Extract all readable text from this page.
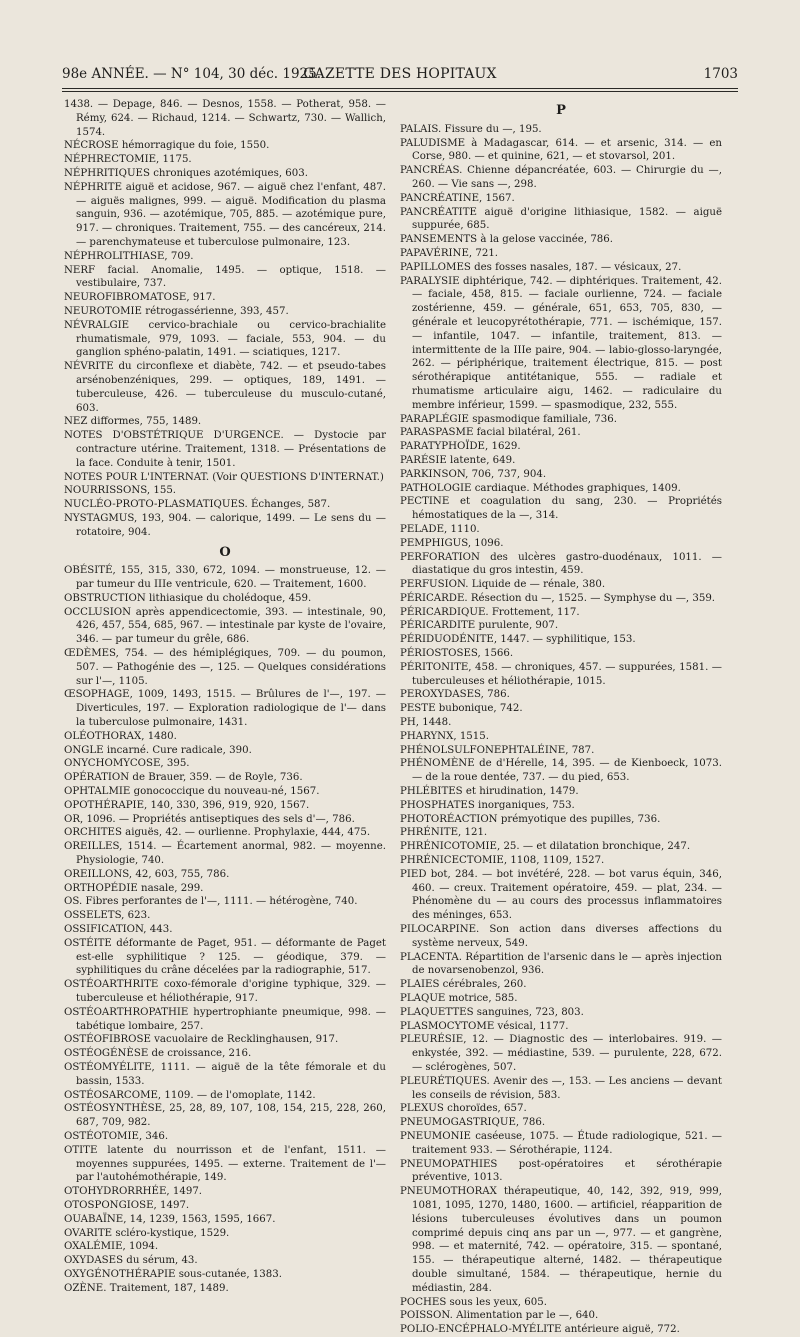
GAZETTE DES HOPITAUX
98e ANNÉE. — N° 104, 30 déc. 1925.	1703

1438. — Depage, 846. — Desnos, 1558. — Potherat, 958. — Rémy, 624. — Richaud, 1214. — Schwartz, 730. — Wallich, 1574.

NÉCROSE hémorragique du foie, 1550.

NÉPHRECTOMIE, 1175.

NÉPHRITIQUES chroniques azotémiques, 603.

NÉPHRITE aiguë et acidose, 967. — aiguë chez l'enfant, 487. — aiguës malignes, 999. — aiguë. Modification du plasma sanguin, 936. — azotémique, 705, 885. — azotémique pure, 917. — chroniques. Traitement, 755. — des cancéreux, 214. — parenchymateuse et tuberculose pulmonaire, 123.

NÉPHROLITHIASE, 709.

NERF facial. Anomalie, 1495. — optique, 1518. — vestibulaire, 737.

NEUROFIBROMATOSE, 917.

NEUROTOMIE rétrogassérienne, 393, 457.

NÉVRALGIE cervico-brachiale ou cervico-brachialite rhumatismale, 979, 1093. — faciale, 553, 904. — du ganglion sphéno-palatin, 1491. — sciatiques, 1217.

NÉVRITE du circonflexe et diabète, 742. — et pseudo-tabes arsénobenzéniques, 299. — optiques, 189, 1491. — tuberculeuse, 426. — tuberculeuse du musculo-cutané, 603.

NEZ difformes, 755, 1489.

NOTES D'OBSTÉTRIQUE D'URGENCE. — Dystocie par contracture utérine. Traitement, 1318. — Présentations de la face. Conduite à tenir, 1501.

NOTES POUR L'INTERNAT. (Voir QUESTIONS D'INTERNAT.)

NOURRISSONS, 155.

NUCLÉO-PROTO-PLASMATIQUES. Échanges, 587.

NYSTAGMUS, 193, 904. — calorique, 1499. — Le sens du — rotatoire, 904.

O

OBÉSITÉ, 155, 315, 330, 672, 1094. — monstrueuse, 12. — par tumeur du IIIe ventricule, 620. — Traitement, 1600.

OBSTRUCTION lithiasique du cholédoque, 459.

OCCLUSION après appendicectomie, 393. — intestinale, 90, 426, 457, 554, 685, 967. — intestinale par kyste de l'ovaire, 346. — par tumeur du grêle, 686.

ŒDÈMES, 754. — des hémiplégiques, 709. — du poumon, 507. — Pathogénie des —, 125. — Quelques considérations sur l'—, 1105.

ŒSOPHAGE, 1009, 1493, 1515. — Brûlures de l'—, 197. — Diverticules, 197. — Exploration radiologique de l'— dans la tuberculose pulmonaire, 1431.

OLÉOTHORAX, 1480.

ONGLE incarné. Cure radicale, 390.

ONYCHOMYCOSE, 395.

OPÉRATION de Brauer, 359. — de Royle, 736.

OPHTALMIE gonococcique du nouveau-né, 1567.

OPOTHÉRAPIE, 140, 330, 396, 919, 920, 1567.

OR, 1096. — Propriétés antiseptiques des sels d'—, 786.

ORCHITES aiguës, 42. — ourlienne. Prophylaxie, 444, 475.

OREILLES, 1514. — Écartement anormal, 982. — moyenne. Physiologie, 740.

OREILLONS, 42, 603, 755, 786.

ORTHOPÉDIE nasale, 299.

OS. Fibres perforantes de l'—, 1111. — hétérogène, 740.

OSSELETS, 623.

OSSIFICATION, 443.

OSTÉITE déformante de Paget, 951. — déformante de Paget est-elle syphilitique ? 125. — géodique, 379. — syphilitiques du crâne décelées par la radiographie, 517.

OSTÉOARTHRITE coxo-fémorale d'origine typhique, 329. — tuberculeuse et héliothérapie, 917.

OSTÉOARTHROPATHIE hypertrophiante pneumique, 998. — tabétique lombaire, 257.

OSTÉOFIBROSE vacuolaire de Recklinghausen, 917.

OSTÉOGÉNÈSE de croissance, 216.

OSTÉOMYÉLITE, 1111. — aiguë de la tête fémorale et du bassin, 1533.

OSTÉOSARCOME, 1109. — de l'omoplate, 1142.

OSTÉOSYNTHÈSE, 25, 28, 89, 107, 108, 154, 215, 228, 260, 687, 709, 982.

OSTÉOTOMIE, 346.

OTITE latente du nourrisson et de l'enfant, 1511. — moyennes suppurées, 1495. — externe. Traitement de l'— par l'autohémothérapie, 149.

OTOHYDRORRHÉE, 1497.

OTOSPONGIOSE, 1497.

OUABAÏNE, 14, 1239, 1563, 1595, 1667.

OVARITE scléro-kystique, 1529.

OXALÉMIE, 1094.

OXYDASES du sérum, 43.

OXYGÉNOTHÉRAPIE sous-cutanée, 1383.

OZÈNE. Traitement, 187, 1489.

P

PALAIS. Fissure du —, 195.

PALUDISME à Madagascar, 614. — et arsenic, 314. — en Corse, 980. — et quinine, 621, — et stovarsol, 201.

PANCRÉAS. Chienne dépancréatée, 603. — Chirurgie du —, 260. — Vie sans —, 298.

PANCRÉATINE, 1567.

PANCRÉATITE aiguë d'origine lithiasique, 1582. — aiguë suppurée, 685.

PANSEMENTS à la gelose vaccinée, 786.

PAPAVÉRINE, 721.

PAPILLOMES des fosses nasales, 187. — vésicaux, 27.

PARALYSIE diphtérique, 742. — diphtériques. Traitement, 42. — faciale, 458, 815. — faciale ourlienne, 724. — faciale zostérienne, 459. — générale, 651, 653, 705, 830, — générale et leucopyrétothérapie, 771. — ischémique, 157. — infantile, 1047. — infantile, traitement, 813. — intermittente de la IIIe paire, 904. — labio-glosso-laryngée, 262. — périphérique, traitement électrique, 815. — post sérothérapique antitétanique, 555. — radiale et rhumatisme articulaire aigu, 1462. — radiculaire du membre inférieur, 1599. — spasmodique, 232, 555.

PARAPLÉGIE spasmodique familiale, 736.

PARASPASME facial bilatéral, 261.

PARATYPHOÏDE, 1629.

PARÉSIE latente, 649.

PARKINSON, 706, 737, 904.

PATHOLOGIE cardiaque. Méthodes graphiques, 1409.

PECTINE et coagulation du sang, 230. — Propriétés hémostatiques de la —, 314.

PELADE, 1110.

PEMPHIGUS, 1096.

PERFORATION des ulcères gastro-duodénaux, 1011. — diastatique du gros intestin, 459.

PERFUSION. Liquide de — rénale, 380.

PÉRICARDE. Résection du —, 1525. — Symphyse du —, 359.

PÉRICARDIQUE. Frottement, 117.

PÉRICARDITE purulente, 907.

PÉRIDUODÉNITE, 1447. — syphilitique, 153.

PÉRIOSTOSES, 1566.

PÉRITONITE, 458. — chroniques, 457. — suppurées, 1581. — tuberculeuses et héliothérapie, 1015.

PEROXYDASES, 786.

PESTE bubonique, 742.

PH, 1448.

PHARYNX, 1515.

PHÉNOLSULFONEPHTALÉINE, 787.

PHÉNOMÈNE de d'Hérelle, 14, 395. — de Kienboeck, 1073. — de la roue dentée, 737. — du pied, 653.

PHLÉBITES et hirudination, 1479.

PHOSPHATES inorganiques, 753.

PHOTORÉACTION prémyotique des pupilles, 736.

PHRÉNITE, 121.

PHRÉNICOTOMIE, 25. — et dilatation bronchique, 247.

PHRÉNICECTOMIE, 1108, 1109, 1527.

PIED bot, 284. — bot invétéré, 228. — bot varus équin, 346, 460. — creux. Traitement opératoire, 459. — plat, 234. — Phénomène du — au cours des processus inflammatoires des méninges, 653.

PILOCARPINE. Son action dans diverses affections du système nerveux, 549.

PLACENTA. Répartition de l'arsenic dans le — après injection de novarsenobenzol, 936.

PLAIES cérébrales, 260.

PLAQUE motrice, 585.

PLAQUETTES sanguines, 723, 803.

PLASMOCYTOME vésical, 1177.

PLEURÉSIE, 12. — Diagnostic des — interlobaires. 919. — enkystée, 392. — médiastine, 539. — purulente, 228, 672. — sclérogènes, 507.

PLEURÉTIQUES. Avenir des —, 153. — Les anciens — devant les conseils de révision, 583.

PLEXUS choroïdes, 657.

PNEUMOGASTRIQUE, 786.

PNEUMONIE caséeuse, 1075. — Étude radiologique, 521. — traitement 933. — Sérothérapie, 1124.

PNEUMOPATHIES post-opératoires et sérothérapie préventive, 1013.

PNEUMOTHORAX thérapeutique, 40, 142, 392, 919, 999, 1081, 1095, 1270, 1480, 1600. — artificiel, réapparition de lésions tuberculeuses évolutives dans un poumon comprimé depuis cinq ans par un —, 977. — et gangrène, 998. — et maternité, 742. — opératoire, 315. — spontané, 155. — thérapeutique alterné, 1482. — thérapeutique double simultané, 1584. — thérapeutique, hernie du médiastin, 284.

POCHES sous les yeux, 605.

POISSON. Alimentation par le —, 640.

POLIO-ENCÉPHALO-MYÉLITE antérieure aiguë, 772.
